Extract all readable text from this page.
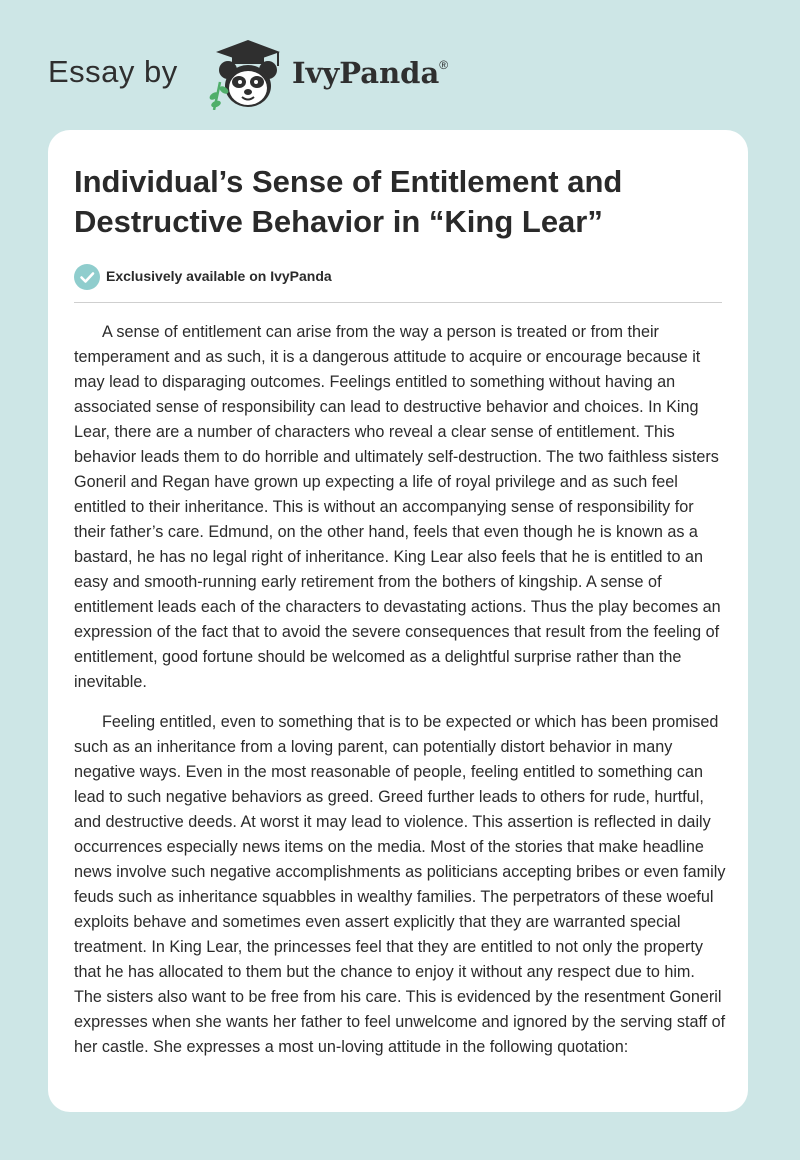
Essay by	IvyPanda®
Individual’s Sense of Entitlement and Destructive Behavior in “King Lear”
Exclusively available on IvyPanda

A sense of entitlement can arise from the way a person is treated or from their temperament and as such, it is a dangerous attitude to acquire or encourage because it may lead to disparaging outcomes. Feelings entitled to something without having an associated sense of responsibility can lead to destructive behavior and choices. In King Lear, there are a number of characters who reveal a clear sense of entitlement. This behavior leads them to do horrible and ultimately self-destruction. The two faithless sisters Goneril and Regan have grown up expecting a life of royal privilege and as such feel entitled to their inheritance. This is without an accompanying sense of responsibility for their father’s care. Edmund, on the other hand, feels that even though he is known as a bastard, he has no legal right of inheritance. King Lear also feels that he is entitled to an easy and smooth-running early retirement from the bothers of kingship. A sense of entitlement leads each of the characters to devastating actions. Thus the play becomes an expression of the fact that to avoid the severe consequences that result from the feeling of entitlement, good fortune should be welcomed as a delightful surprise rather than the inevitable.

Feeling entitled, even to something that is to be expected or which has been promised such as an inheritance from a loving parent, can potentially distort behavior in many negative ways. Even in the most reasonable of people, feeling entitled to something can lead to such negative behaviors as greed. Greed further leads to others for rude, hurtful, and destructive deeds. At worst it may lead to violence. This assertion is reflected in daily occurrences especially news items on the media. Most of the stories that make headline news involve such negative accomplishments as politicians accepting bribes or even family feuds such as inheritance squabbles in wealthy families. The perpetrators of these woeful exploits behave and sometimes even assert explicitly that they are warranted special treatment. In King Lear, the princesses feel that they are entitled to not only the property that he has allocated to them but the chance to enjoy it without any respect due to him. The sisters also want to be free from his care. This is evidenced by the resentment Goneril expresses when she wants her father to feel unwelcome and ignored by the serving staff of her castle. She expresses a most un-loving attitude in the following quotation:
